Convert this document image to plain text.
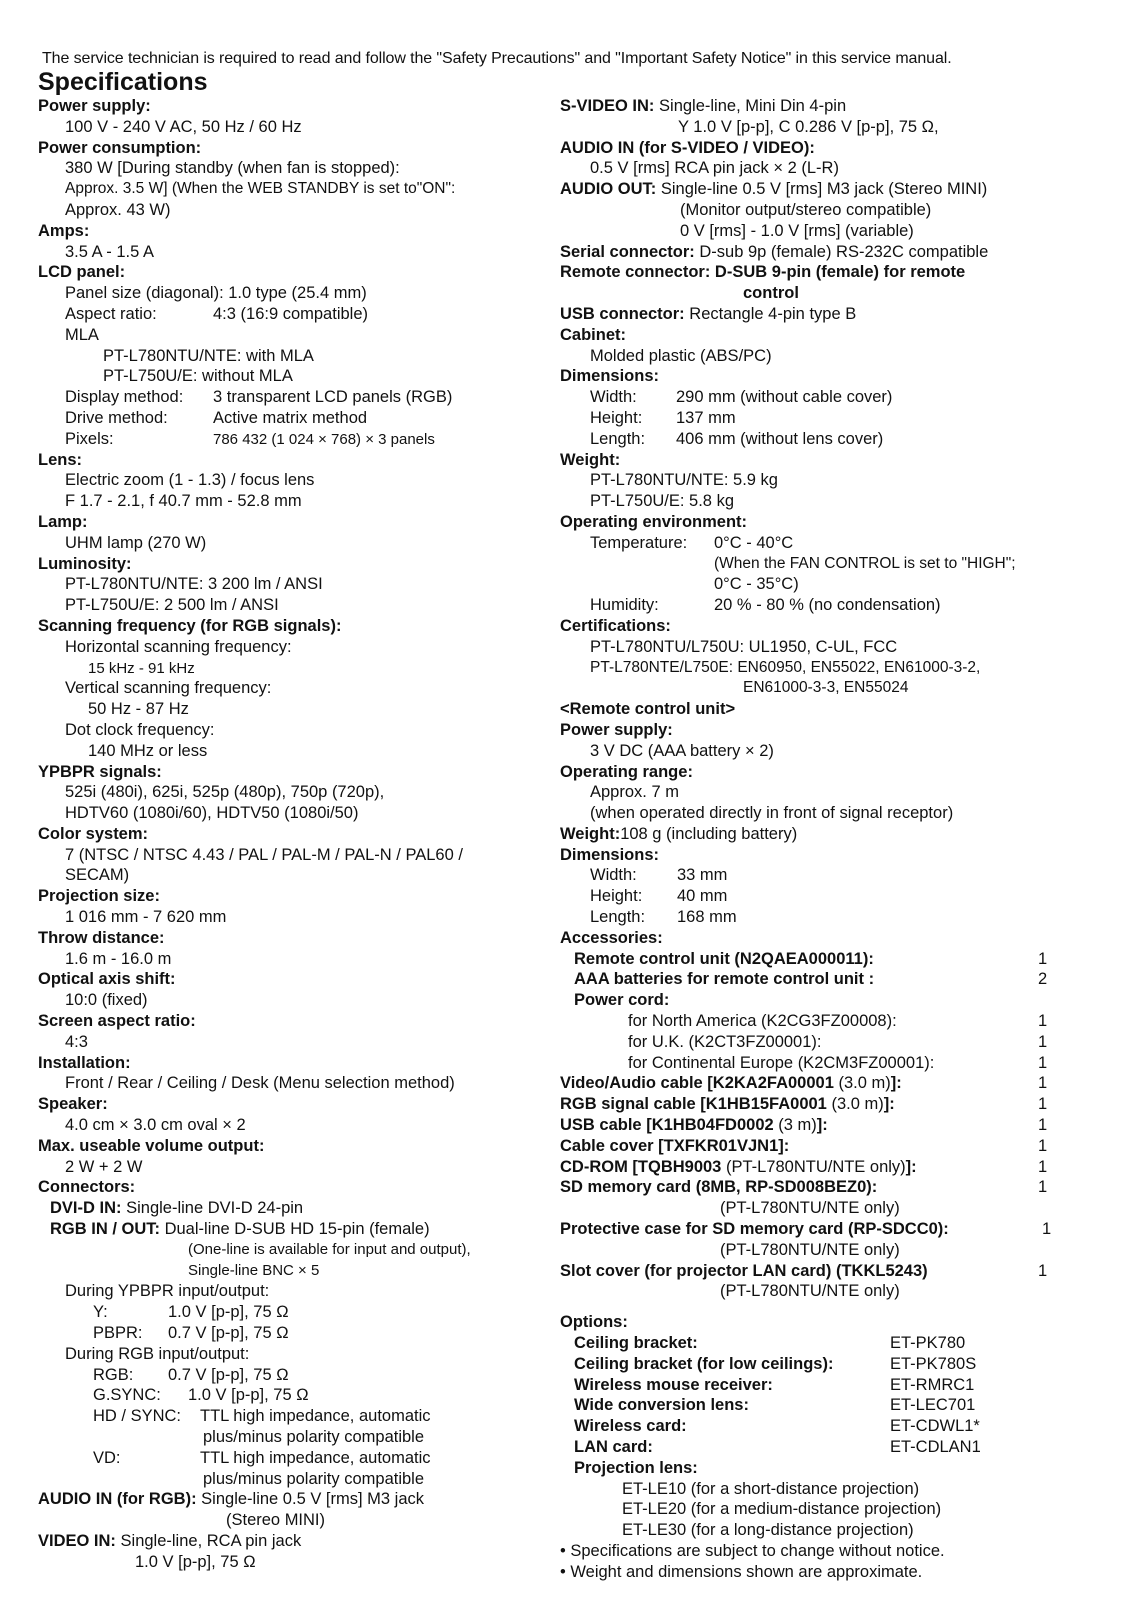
The service technician is required to read and follow the "Safety Precautions" and "Important Safety Notice" in this service manual.
Specifications
Power supply:
100 V - 240 V AC, 50 Hz / 60 Hz
Power consumption:
380 W [During standby (when fan is stopped):
Approx. 3.5 W] (When the WEB STANDBY is set to"ON":
Approx. 43 W)
Amps:
3.5 A - 1.5 A
LCD panel:
Panel size (diagonal): 1.0 type (25.4 mm)
Aspect ratio:	4:3 (16:9 compatible)
MLA
PT-L780NTU/NTE: with MLA
PT-L750U/E: without MLA
Display method: 3 transparent LCD panels (RGB)
Drive method:	Active matrix method
Pixels:	786 432 (1 024 × 768) × 3 panels
Lens:
Electric zoom (1 - 1.3) / focus lens
F 1.7 - 2.1, f 40.7 mm - 52.8 mm
Lamp:
UHM lamp (270 W)
Luminosity:
PT-L780NTU/NTE: 3 200 lm / ANSI
PT-L750U/E: 2 500 lm / ANSI
Scanning frequency (for RGB signals):
Horizontal scanning frequency:
15 kHz - 91 kHz
Vertical scanning frequency:
50 Hz - 87 Hz
Dot clock frequency:
140 MHz or less
YPBPR signals:
525i (480i), 625i, 525p (480p), 750p (720p),
HDTV60 (1080i/60), HDTV50 (1080i/50)
Color system:
7 (NTSC / NTSC 4.43 / PAL / PAL-M / PAL-N / PAL60 /
SECAM)
Projection size:
1 016 mm - 7 620 mm
Throw distance:
1.6 m - 16.0 m
Optical axis shift:
10:0 (fixed)
Screen aspect ratio:
4:3
Installation:
Front / Rear / Ceiling / Desk (Menu selection method)
Speaker:
4.0 cm × 3.0 cm oval × 2
Max. useable volume output:
2 W + 2 W
Connectors:
DVI-D IN: Single-line DVI-D 24-pin
RGB IN / OUT: Dual-line D-SUB HD 15-pin (female)
(One-line is available for input and output),
Single-line BNC × 5
During YPBPR input/output:
Y:	1.0 V [p-p], 75 Ω
PBPR: 0.7 V [p-p], 75 Ω
During RGB input/output:
RGB: 0.7 V [p-p], 75 Ω
G.SYNC: 1.0 V [p-p], 75 Ω
HD / SYNC: TTL high impedance, automatic
plus/minus polarity compatible
VD:	TTL high impedance, automatic
plus/minus polarity compatible
AUDIO IN (for RGB): Single-line 0.5 V [rms] M3 jack
(Stereo MINI)
VIDEO IN: Single-line, RCA pin jack
1.0 V [p-p], 75 Ω
S-VIDEO IN: Single-line, Mini Din 4-pin
Y 1.0 V [p-p], C 0.286 V [p-p], 75 Ω,
AUDIO IN (for S-VIDEO / VIDEO):
0.5 V [rms] RCA pin jack × 2 (L-R)
AUDIO OUT: Single-line 0.5 V [rms] M3 jack (Stereo MINI)
(Monitor output/stereo compatible)
0 V [rms] - 1.0 V [rms] (variable)
Serial connector: D-sub 9p (female) RS-232C compatible
Remote connector: D-SUB 9-pin (female) for remote
control
USB connector: Rectangle 4-pin type B
Cabinet:
Molded plastic (ABS/PC)
Dimensions:
Width: 290 mm (without cable cover)
Height: 137 mm
Length: 406 mm (without lens cover)
Weight:
PT-L780NTU/NTE: 5.9 kg
PT-L750U/E: 5.8 kg
Operating environment:
Temperature: 0°C - 40°C
(When the FAN CONTROL is set to "HIGH";
0°C - 35°C)
Humidity:	20 % - 80 % (no condensation)
Certifications:
PT-L780NTU/L750U: UL1950, C-UL, FCC
PT-L780NTE/L750E: EN60950, EN55022, EN61000-3-2,
EN61000-3-3, EN55024
<Remote control unit>
Power supply:
3 V DC (AAA battery × 2)
Operating range:
Approx. 7 m
(when operated directly in front of signal receptor)
Weight:108 g (including battery)
Dimensions:
Width: 33 mm
Height: 40 mm
Length: 168 mm
Accessories:
Remote control unit (N2QAEA000011):	1
AAA batteries for remote control unit :	2
Power cord:
for North America (K2CG3FZ00008):	1
for U.K. (K2CT3FZ00001):	1
for Continental Europe (K2CM3FZ00001):	1
Video/Audio cable [K2KA2FA00001 (3.0 m)]:	1
RGB signal cable [K1HB15FA0001 (3.0 m)]:	1
USB cable [K1HB04FD0002 (3 m)]:	1
Cable cover [TXFKR01VJN1]:	1
CD-ROM [TQBH9003 (PT-L780NTU/NTE only)]:	1
SD memory card (8MB, RP-SD008BEZ0):	1
(PT-L780NTU/NTE only)
Protective case for SD memory card (RP-SDCC0):	1
(PT-L780NTU/NTE only)
Slot cover (for projector LAN card) (TKKL5243)	1
(PT-L780NTU/NTE only)
Options:
Ceiling bracket:	ET-PK780
Ceiling bracket (for low ceilings):	ET-PK780S
Wireless mouse receiver:	ET-RMRC1
Wide conversion lens:	ET-LEC701
Wireless card:	ET-CDWL1*
LAN card:	ET-CDLAN1
Projection lens:
ET-LE10 (for a short-distance projection)
ET-LE20 (for a medium-distance projection)
ET-LE30 (for a long-distance projection)
• Specifications are subject to change without notice.
• Weight and dimensions shown are approximate.
